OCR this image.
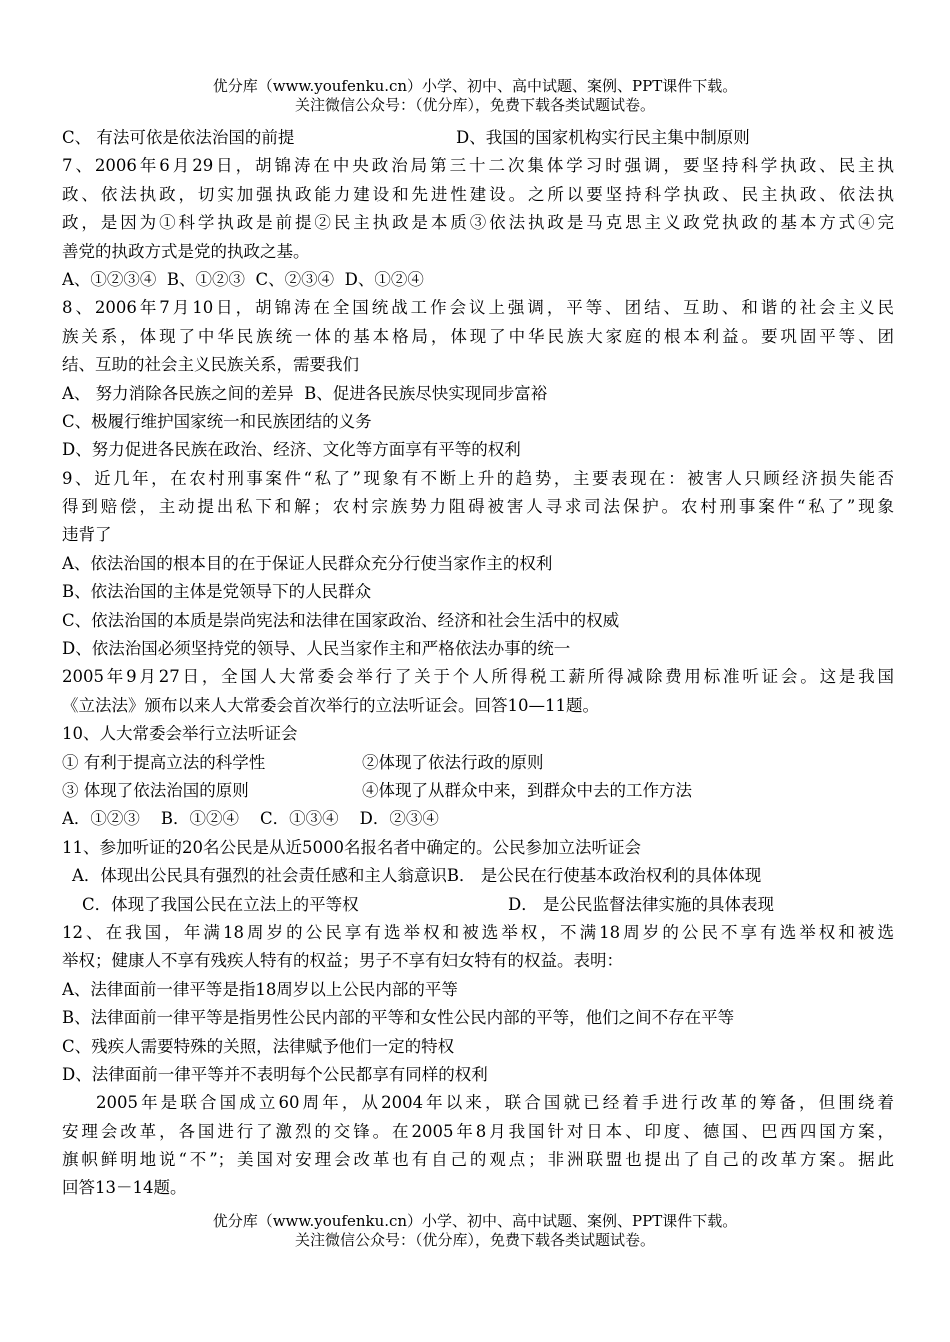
优分库（www.youfenku.cn）小学、初中、高中试题、案例、PPT课件下载。
关注微信公众号：（优分库），免费下载各类试题试卷。
C、 有法可依是依法治国的前提	D、我国的国家机构实行民主集中制原则
7、2006年6月29日，胡锦涛在中央政治局第三十二次集体学习时强调，要坚持科学执政、民主执
政、依法执政，切实加强执政能力建设和先进性建设。之所以要坚持科学执政、民主执政、依法执
政，是因为①科学执政是前提②民主执政是本质③依法执政是马克思主义政党执政的基本方式④完
善党的执政方式是党的执政之基。
A、①②③④  B、①②③  C、②③④  D、①②④
8、2006年7月10日，胡锦涛在全国统战工作会议上强调，平等、团结、互助、和谐的社会主义民
族关系，体现了中华民族统一体的基本格局，体现了中华民族大家庭的根本利益。要巩固平等、团
结、互助的社会主义民族关系，需要我们
A、 努力消除各民族之间的差异  B、促进各民族尽快实现同步富裕
C、极履行维护国家统一和民族团结的义务
D、努力促进各民族在政治、经济、文化等方面享有平等的权利
9、近几年，在农村刑事案件“私了”现象有不断上升的趋势，主要表现在：被害人只顾经济损失能否
得到赔偿，主动提出私下和解；农村宗族势力阻碍被害人寻求司法保护。农村刑事案件“私了”现象
违背了
A、依法治国的根本目的在于保证人民群众充分行使当家作主的权利
B、依法治国的主体是党领导下的人民群众
C、依法治国的本质是崇尚宪法和法律在国家政治、经济和社会生活中的权威
D、依法治国必须坚持党的领导、人民当家作主和严格依法办事的统一
2005年9月27日，全国人大常委会举行了关于个人所得税工薪所得减除费用标准听证会。这是我国
《立法法》颁布以来人大常委会首次举行的立法听证会。回答10—11题。
10、人大常委会举行立法听证会
① 有利于提高立法的科学性	②体现了依法行政的原则
③ 体现了依法治国的原则	④体现了从群众中来，到群众中去的工作方法
A．①②③    B．①②④    C．①③④    D．②③④
11、参加听证的20名公民是从近5000名报名者中确定的。公民参加立法听证会
A．体现出公民具有强烈的社会责任感和主人翁意识B． 是公民在行使基本政治权利的具体体现
C．体现了我国公民在立法上的平等权	D． 是公民监督法律实施的具体表现
12、在我国，年满18周岁的公民享有选举权和被选举权，不满18周岁的公民不享有选举权和被选
举权；健康人不享有残疾人特有的权益；男子不享有妇女特有的权益。表明：
A、法律面前一律平等是指18周岁以上公民内部的平等
B、法律面前一律平等是指男性公民内部的平等和女性公民内部的平等，他们之间不存在平等
C、残疾人需要特殊的关照，法律赋予他们一定的特权
D、法律面前一律平等并不表明每个公民都享有同样的权利
2005年是联合国成立60周年，从2004年以来，联合国就已经着手进行改革的筹备，但围绕着
安理会改革，各国进行了激烈的交锋。在2005年8月我国针对日本、印度、德国、巴西四国方案，
旗帜鲜明地说“不”；美国对安理会改革也有自己的观点；非洲联盟也提出了自己的改革方案。据此
回答13－14题。
优分库（www.youfenku.cn）小学、初中、高中试题、案例、PPT课件下载。
关注微信公众号：（优分库），免费下载各类试题试卷。
